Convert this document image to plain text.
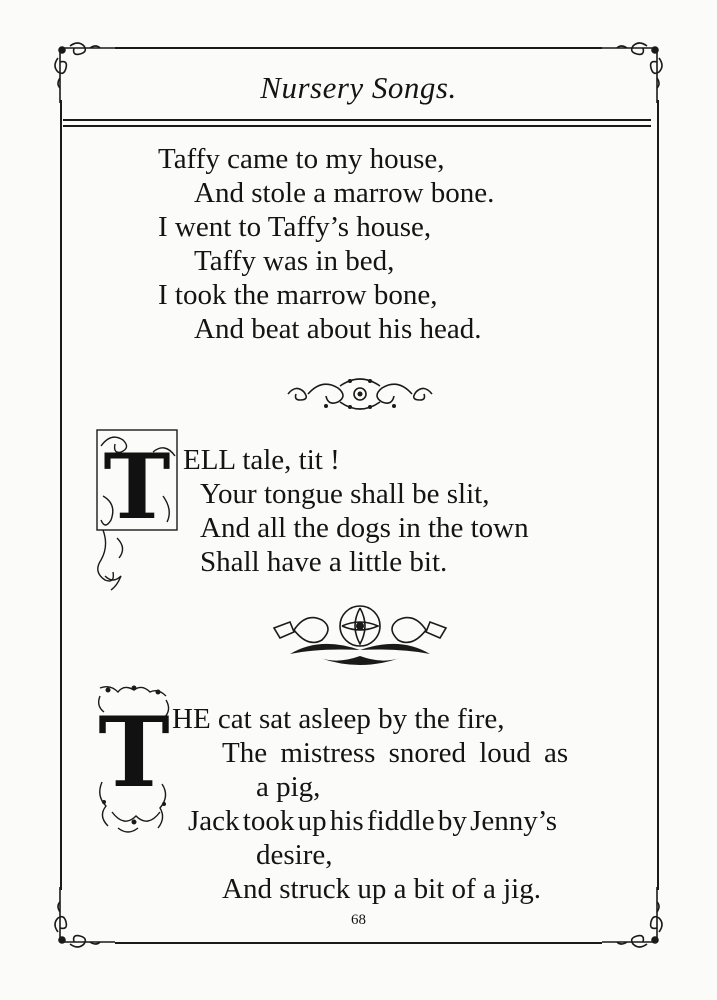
Nursery Songs.
Taffy came to my house,
And stole a marrow bone.
I went to Taffy’s house,
Taffy was in bed,
I took the marrow bone,
And beat about his head.
T ELL tale, tit !
Your tongue shall be slit,
And all the dogs in the town
Shall have a little bit.
T HE cat sat asleep by the fire,
The mistress snored loud as
a pig,
Jack took up his fiddle by Jenny’s
desire,
And struck up a bit of a jig.
68
